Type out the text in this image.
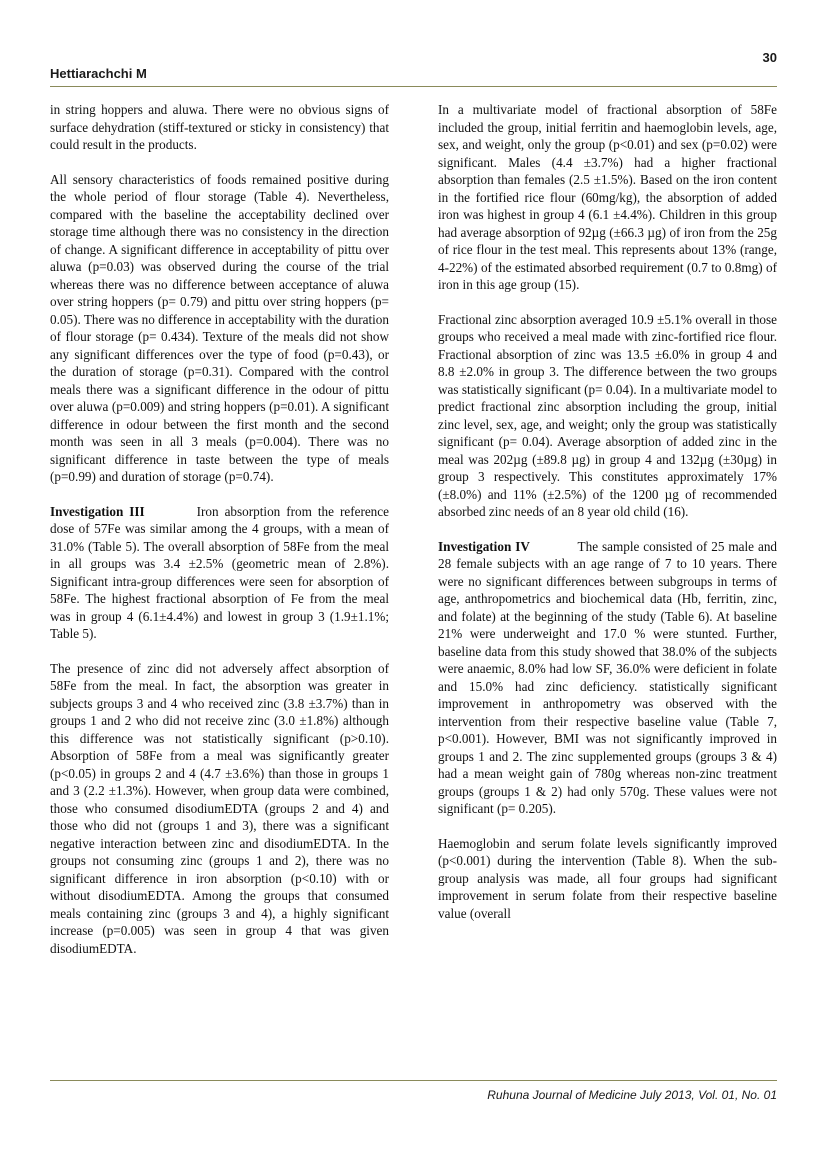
Hettiarachchi M
30

in string hoppers and aluwa. There were no obvious signs of surface dehydration (stiff-textured or sticky in consistency) that could result in the products.

All sensory characteristics of foods remained positive during the whole period of flour storage (Table 4). Nevertheless, compared with the baseline the acceptability declined over storage time although there was no consistency in the direction of change. A significant difference in acceptability of pittu over aluwa (p=0.03) was observed during the course of the trial whereas there was no difference between acceptance of aluwa over string hoppers (p= 0.79) and pittu over string hoppers (p= 0.05). There was no difference in acceptability with the duration of flour storage (p= 0.434). Texture of the meals did not show any significant differences over the type of food (p=0.43), or the duration of storage (p=0.31). Compared with the control meals there was a significant difference in the odour of pittu over aluwa (p=0.009) and string hoppers (p=0.01). A significant difference in odour between the first month and the second month was seen in all 3 meals (p=0.004). There was no significant difference in taste between the type of meals (p=0.99) and duration of storage (p=0.74).

Investigation III	Iron absorption from the reference dose of 57Fe was similar among the 4 groups, with a mean of 31.0% (Table 5). The overall absorption of 58Fe from the meal in all groups was 3.4 ±2.5% (geometric mean of 2.8%). Significant intra-group differences were seen for absorption of 58Fe. The highest fractional absorption of Fe from the meal was in group 4 (6.1±4.4%) and lowest in group 3 (1.9±1.1%; Table 5).

The presence of zinc did not adversely affect absorption of 58Fe from the meal. In fact, the absorption was greater in subjects groups 3 and 4 who received zinc (3.8 ±3.7%) than in groups 1 and 2 who did not receive zinc (3.0 ±1.8%) although this difference was not statistically significant (p>0.10). Absorption of 58Fe from a meal was significantly greater (p<0.05) in groups 2 and 4 (4.7 ±3.6%) than those in groups 1 and 3 (2.2 ±1.3%). However, when group data were combined, those who consumed disodiumEDTA (groups 2 and 4) and those who did not (groups 1 and 3), there was a significant negative interaction between zinc and disodiumEDTA. In the groups not consuming zinc (groups 1 and 2), there was no significant difference in iron absorption (p<0.10) with or without disodiumEDTA. Among the groups that consumed meals containing zinc (groups 3 and 4), a highly significant increase (p=0.005) was seen in group 4 that was given disodiumEDTA.

In a multivariate model of fractional absorption of 58Fe included the group, initial ferritin and haemoglobin levels, age, sex, and weight, only the group (p<0.01) and sex (p=0.02) were significant. Males (4.4 ±3.7%) had a higher fractional absorption than females (2.5 ±1.5%). Based on the iron content in the fortified rice flour (60mg/kg), the absorption of added iron was highest in group 4 (6.1 ±4.4%). Children in this group had average absorption of 92µg (±66.3 µg) of iron from the 25g of rice flour in the test meal. This represents about 13% (range, 4-22%) of the estimated absorbed requirement (0.7 to 0.8mg) of iron in this age group (15).

Fractional zinc absorption averaged 10.9 ±5.1% overall in those groups who received a meal made with zinc-fortified rice flour. Fractional absorption of zinc was 13.5 ±6.0% in group 4 and 8.8 ±2.0% in group 3. The difference between the two groups was statistically significant (p= 0.04). In a multivariate model to predict fractional zinc absorption including the group, initial zinc level, sex, age, and weight; only the group was statistically significant (p= 0.04). Average absorption of added zinc in the meal was 202µg (±89.8 µg) in group 4 and 132µg (±30µg) in group 3 respectively. This constitutes approximately 17% (±8.0%) and 11% (±2.5%) of the 1200 µg of recommended absorbed zinc needs of an 8 year old child (16).

Investigation IV	The sample consisted of 25 male and 28 female subjects with an age range of 7 to 10 years. There were no significant differences between subgroups in terms of age, anthropometrics and biochemical data (Hb, ferritin, zinc, and folate) at the beginning of the study (Table 6). At baseline 21% were underweight and 17.0 % were stunted. Further, baseline data from this study showed that 38.0% of the subjects were anaemic, 8.0% had low SF, 36.0% were deficient in folate and 15.0% had zinc deficiency. statistically significant improvement in anthropometry was observed with the intervention from their respective baseline value (Table 7, p<0.001). However, BMI was not significantly improved in groups 1 and 2. The zinc supplemented groups (groups 3 & 4) had a mean weight gain of 780g whereas non-zinc treatment groups (groups 1 & 2) had only 570g. These values were not significant (p= 0.205).

Haemoglobin and serum folate levels significantly improved (p<0.001) during the intervention (Table 8). When the sub-group analysis was made, all four groups had significant improvement in serum folate from their respective baseline value (overall

Ruhuna Journal of Medicine July 2013, Vol. 01, No. 01
